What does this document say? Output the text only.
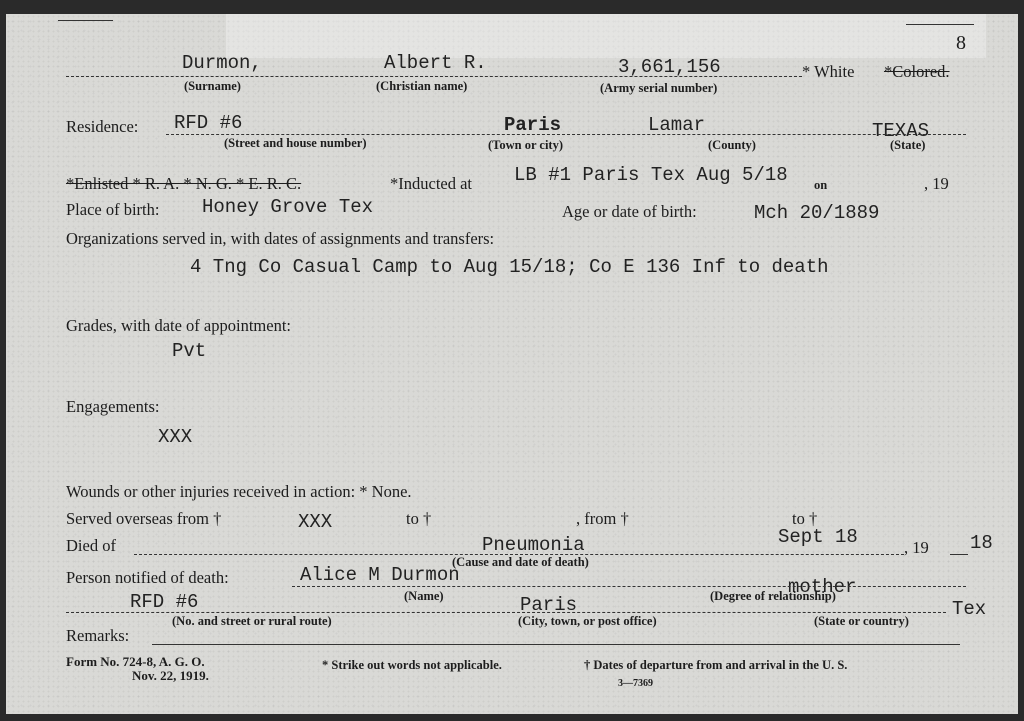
8
Durmon,	Albert R.	3,661,156	* White *Colored.
(Surname)	(Christian name)	(Army serial number)
Residence: RFD #6	Paris	Lamar	TEXAS
(Street and house number)	(Town or city)	(County)	(State)
*Enlisted * R. A. * N. G. * E. R. C.	*Inducted at LB #1 Paris Tex Aug 5/18 on	, 19
Place of birth: Honey Grove Tex	Age or date of birth:	Mch 20/1889
Organizations served in, with dates of assignments and transfers:
4 Tng Co Casual Camp to Aug 15/18; Co E 136 Inf to death
Grades, with date of appointment:
Pvt
Engagements:
XXX
Wounds or other injuries received in action: * None.
Served overseas from †	XXX	to †	, from †	to †
Died of	Pneumonia	Sept 18	, 19 18
(Cause and date of death)
Person notified of death:	Alice M Durmon
mother
(Name)	(Degree of relationship)
RFD #6	Paris	Tex
(No. and street or rural route)	(City, town, or post office)	(State or country)
Remarks:
Form No. 724-8, A. G. O.
Nov. 22, 1919.
* Strike out words not applicable.	† Dates of departure from and arrival in the U. S.
3—7369
